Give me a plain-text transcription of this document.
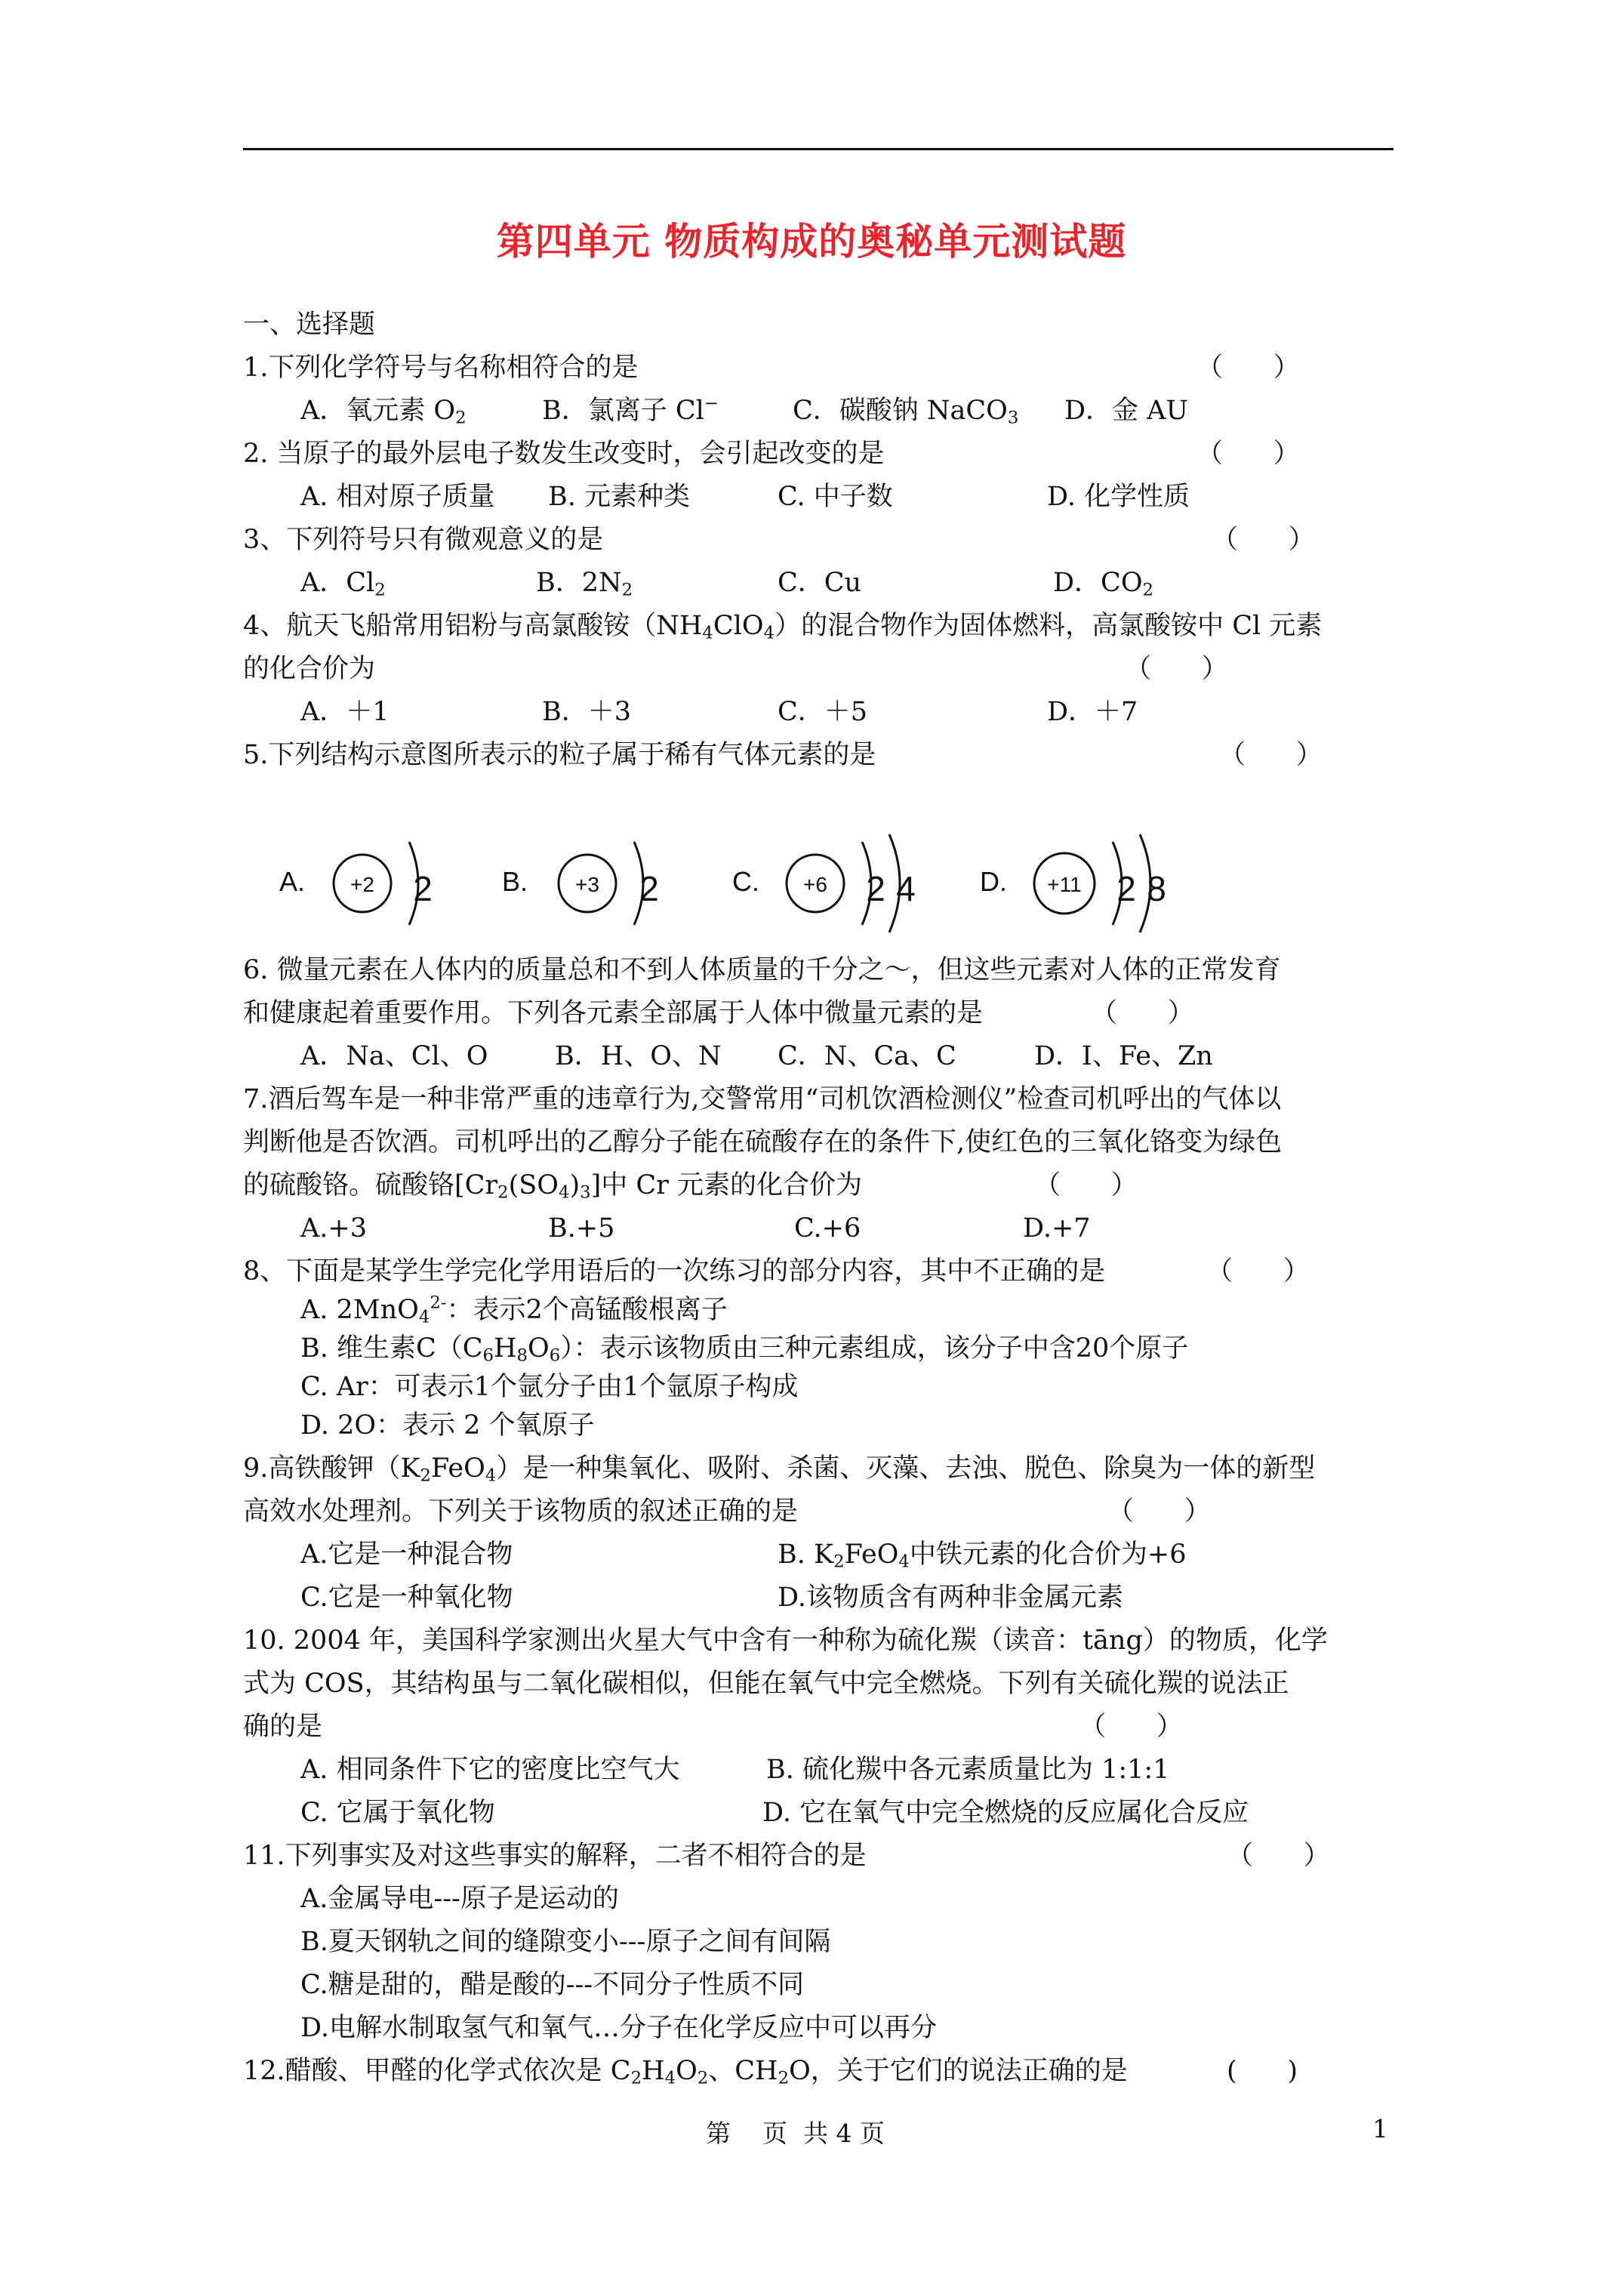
第四单元 物质构成的奥秘单元测试题
一、选择题
1.下列化学符号与名称相符合的是	（      ）
A．氧元素 $O_2$	B．氯离子 Cl−	C．碳酸钠 NaCO$_3$ D．金 AU
2. 当原子的最外层电子数发生改变时，会引起改变的是	（      ）
A. 相对原子质量 B. 元素种类	C. 中子数	D. 化学性质
3、下列符号只有微观意义的是	（      ）
A．$Cl_2$	B．$2N_2$	C．Cu	D．$CO_2$
4、航天飞船常用铝粉与高氯酸铵$(NH_4ClO_4)$的混合物作为固体燃料，高氯酸铵中 Cl 元素
的化合价为	（      ）
A．＋1	B．＋3	C．＋5	D．＋7
5.下列结构示意图所表示的粒子属于稀有气体元素的是	（      ）
A. +2 2	B. +3 2	C. +6 2 4 D. +11 2 8
6. 微量元素在人体内的质量总和不到人体质量的千分之～，但这些元素对人体的正常发育
和健康起着重要作用。下列各元素全部属于人体中微量元素的是	（      ）
A．Na、Cl、O	B．H、O、N C．N、Ca、C	D．I、Fe、Zn
7.酒后驾车是一种非常严重的违章行为,交警常用“司机饮酒检测仪”检查司机呼出的气体以
判断他是否饮酒。司机呼出的乙醇分子能在硫酸存在的条件下,使红色的三氧化铬变为绿色
的硫酸铬。硫酸铬$[Cr_2(SO_4)_3]$中 Cr 元素的化合价为	（      ）
A.+3	B.+5	C.+6	D.+7
8、下面是某学生学完化学用语后的一次练习的部分内容，其中不正确的是	（      ）
A. 2MnO$_4^{2-}$：表示2个高锰酸根离子
B. 维生素$C(C_6H_8O_6)$：表示该物质由三种元素组成，该分子中含20个原子
C. Ar：可表示1个氩分子由1个氩原子构成
D. 2O：表示 2 个氧原子
9.高铁酸钾$(K_2FeO_4)$是一种集氧化、吸附、杀菌、灭藻、去浊、脱色、除臭为一体的新型
高效水处理剂。下列关于该物质的叙述正确的是	（      ）
A.它是一种混合物	B. $K_2FeO_4$中铁元素的化合价为+6
C.它是一种氧化物	D.该物质含有两种非金属元素
10. 2004 年，美国科学家测出火星大气中含有一种称为硫化羰（读音：tāng）的物质，化学
式为 COS，其结构虽与二氧化碳相似，但能在氧气中完全燃烧。下列有关硫化羰的说法正
确的是	（      ）
A. 相同条件下它的密度比空气大	B. 硫化羰中各元素质量比为 1:1:1
C. 它属于氧化物	D. 它在氧气中完全燃烧的反应属化合反应
11.下列事实及对这些事实的解释，二者不相符合的是	（      ）
A.金属导电---原子是运动的
B.夏天钢轨之间的缝隙变小---原子之间有间隔
C.糖是甜的，醋是酸的---不同分子性质不同
D.电解水制取氢气和氧气…分子在化学反应中可以再分
12.醋酸、甲醛的化学式依次是 $C_2H_4O_2$、$CH_2O$，关于它们的说法正确的是	(      )
第    页  共 4 页	1
